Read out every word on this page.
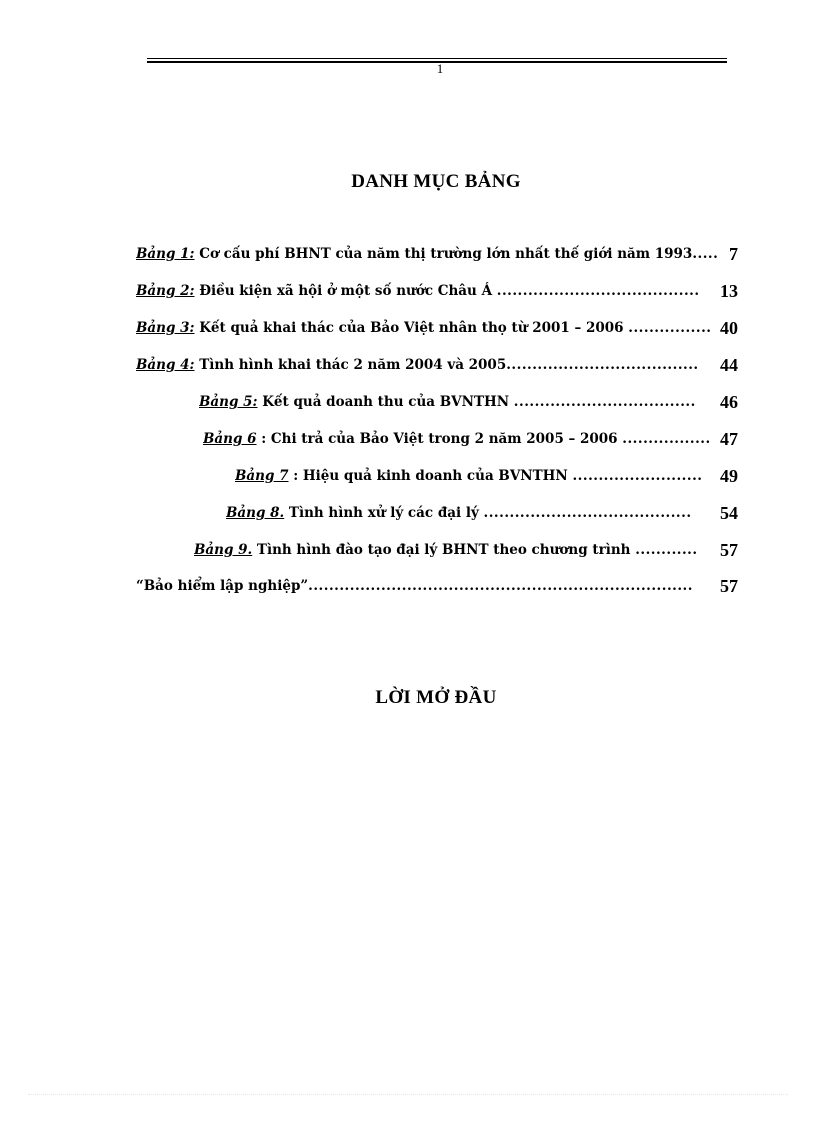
1
DANH MỤC BẢNG
Bảng 1: Cơ cấu phí BHNT của năm thị trường lớn nhất thế giới năm 1993..... 7
Bảng 2: Điều kiện xã hội ở một số nước Châu Á .......................................	13
Bảng 3: Kết quả khai thác của Bảo Việt nhân thọ từ 2001 – 2006 ................ 40
Bảng 4: Tình hình khai thác 2 năm 2004 và 2005.....................................	44
Bảng 5: Kết quả doanh thu của BVNTHN ...................................	46
Bảng 6 : Chi trả của Bảo Việt trong 2 năm 2005 – 2006 ................. 47
Bảng 7 : Hiệu quả kinh doanh của BVNTHN ......................... 49
Bảng 8. Tình hình xử lý các đại lý ........................................	54
Bảng 9. Tình hình đào tạo đại lý BHNT theo chương trình ............	57
“Bảo hiểm lập nghiệp”..........................................................................	57
LỜI MỞ ĐẦU
